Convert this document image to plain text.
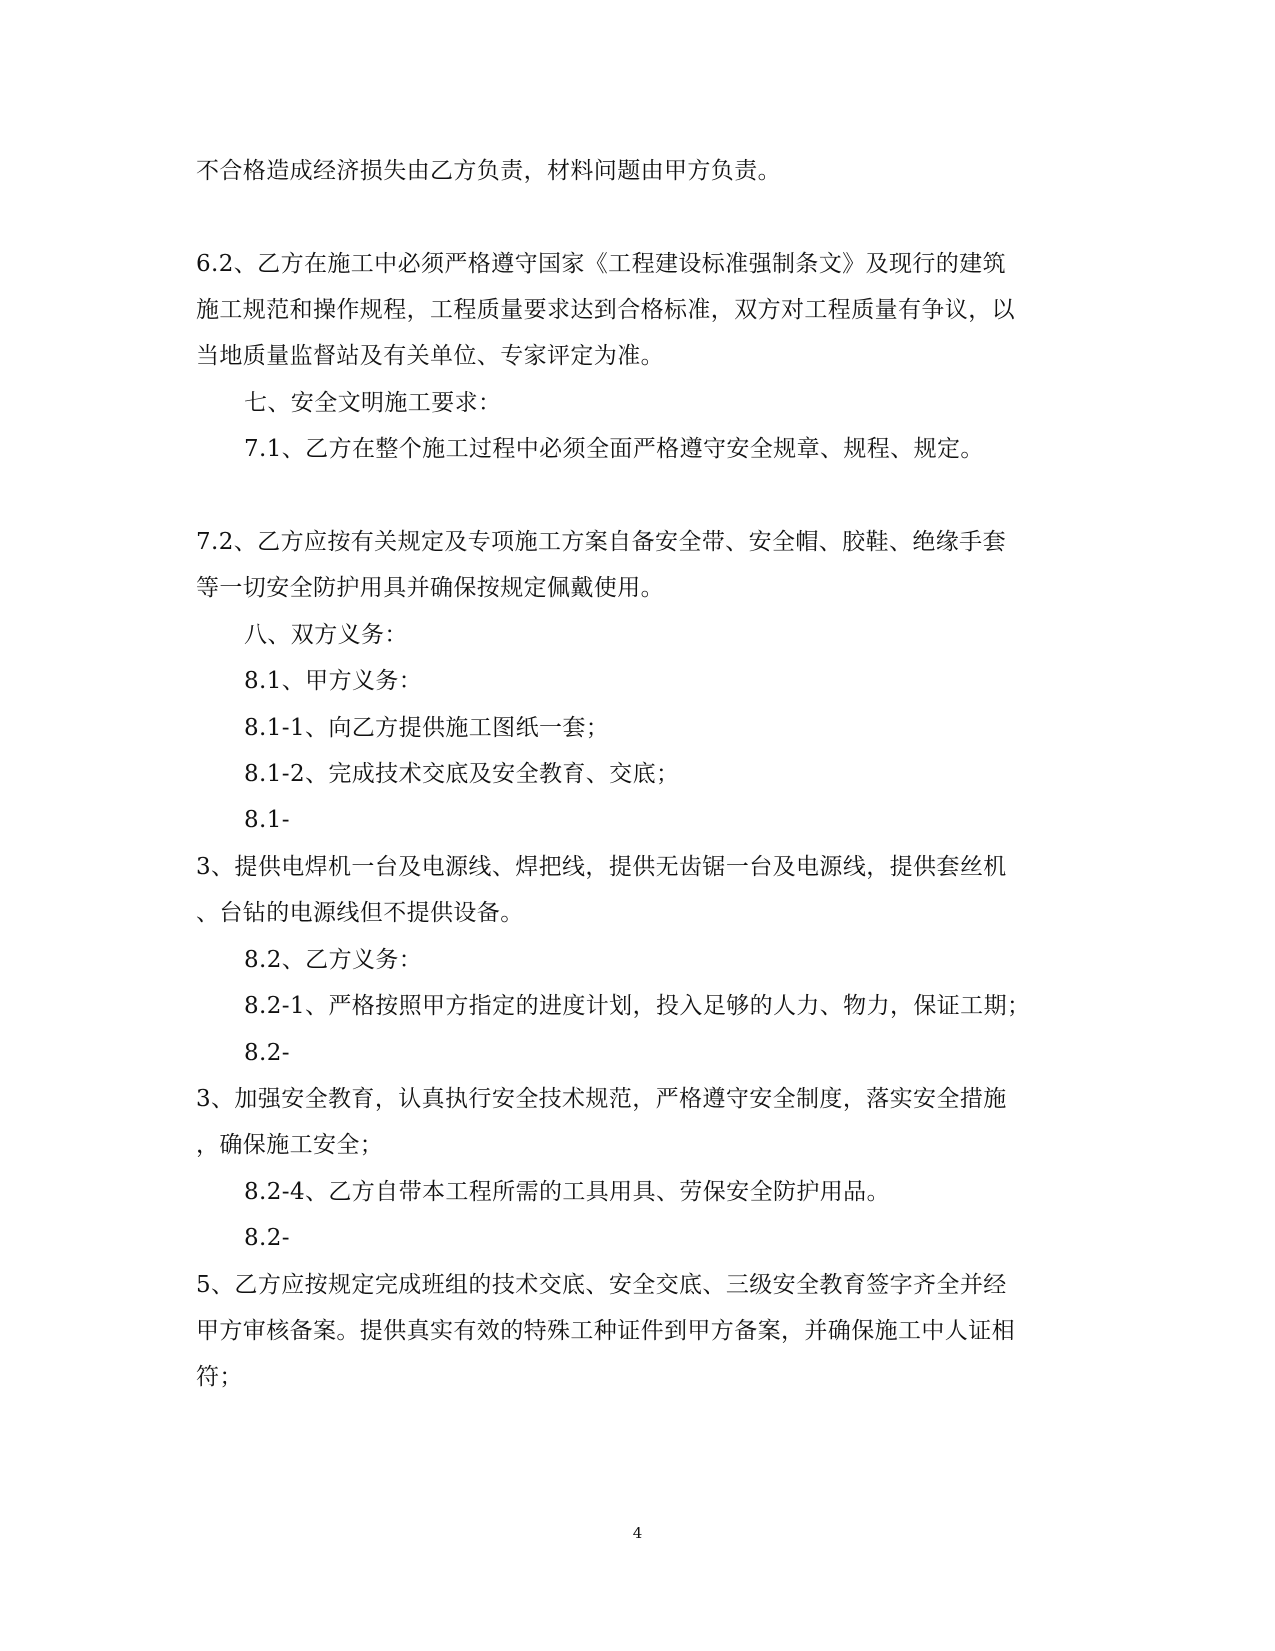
不合格造成经济损失由乙方负责，材料问题由甲方负责。
6.2、乙方在施工中必须严格遵守国家《工程建设标准强制条文》及现行的建筑
施工规范和操作规程，工程质量要求达到合格标准，双方对工程质量有争议，以
当地质量监督站及有关单位、专家评定为准。
七、安全文明施工要求：
7.1、乙方在整个施工过程中必须全面严格遵守安全规章、规程、规定。
7.2、乙方应按有关规定及专项施工方案自备安全带、安全帽、胶鞋、绝缘手套
等一切安全防护用具并确保按规定佩戴使用。
八、双方义务：
8.1、甲方义务：
8.1-1、向乙方提供施工图纸一套；
8.1-2、完成技术交底及安全教育、交底；
8.1-
3、提供电焊机一台及电源线、焊把线，提供无齿锯一台及电源线，提供套丝机
、台钻的电源线但不提供设备。
8.2、乙方义务：
8.2-1、严格按照甲方指定的进度计划，投入足够的人力、物力，保证工期；
8.2-
3、加强安全教育，认真执行安全技术规范，严格遵守安全制度，落实安全措施
，确保施工安全；
8.2-4、乙方自带本工程所需的工具用具、劳保安全防护用品。
8.2-
5、乙方应按规定完成班组的技术交底、安全交底、三级安全教育签字齐全并经
甲方审核备案。提供真实有效的特殊工种证件到甲方备案，并确保施工中人证相
符；
4
